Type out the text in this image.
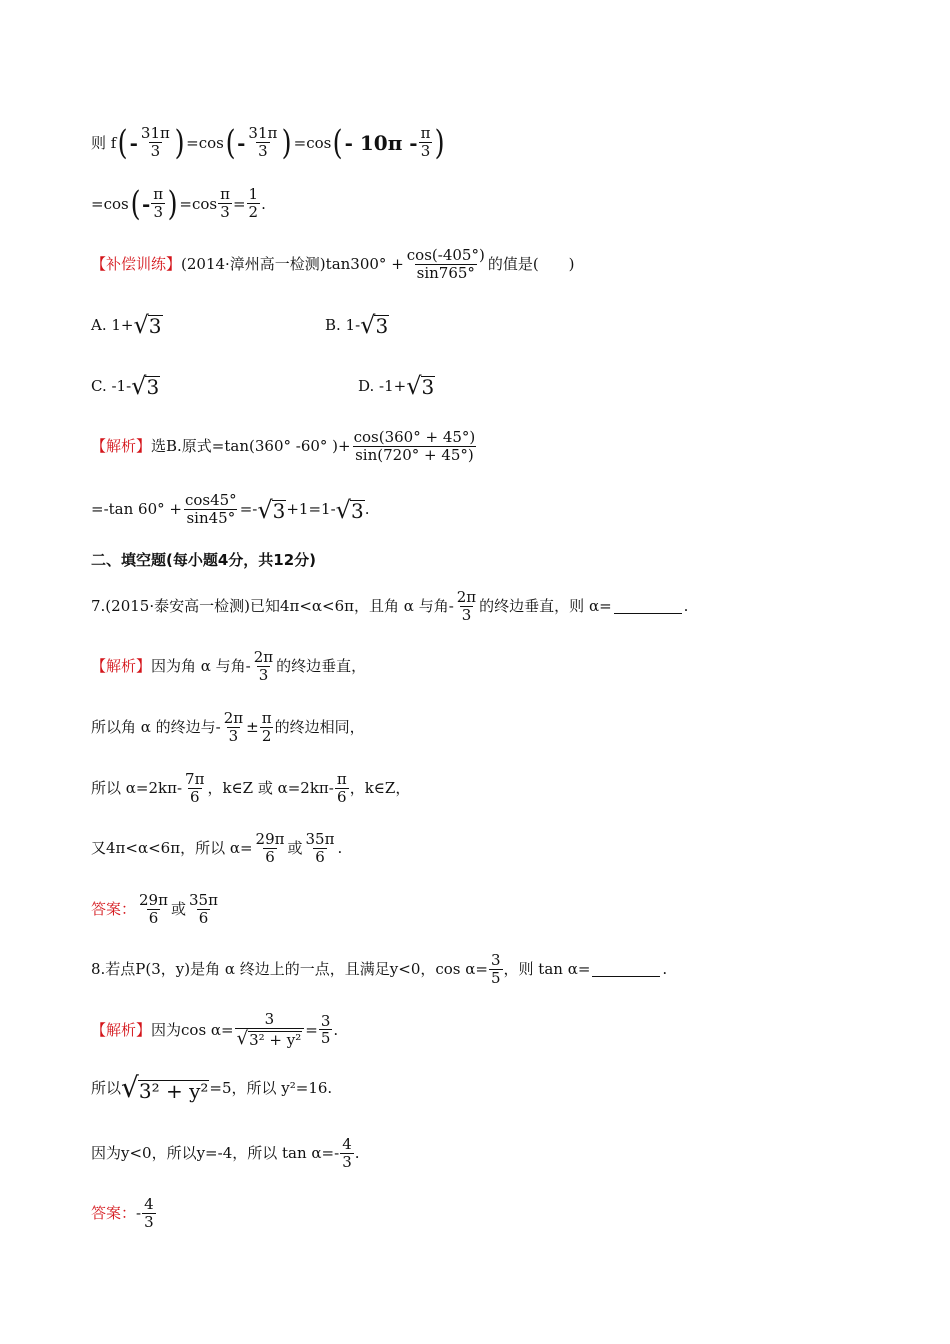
则 f ( - $\frac{31\pi}{3}$ ) =cos ( - $\frac{31\pi}{3}$ ) =cos ( - $10\pi - \frac{\pi}{3}$ )
=cos ( - $\frac{\pi}{3}$ ) $=\cos \frac{\pi}{3} = \frac{1}{2}$ .
【补偿训练】 (2014·漳州高一检测)$\tan 300^\circ + \frac{\cos(-405^\circ)}{\sin 765^\circ}$ 的值是(　　)
A. 1+ √ 3	B. 1- √ 3
C. -1- √ 3	D. -1+ √ 3
【解析】 选B.原式=tan(360° -60° )+ $\frac{\cos(360^\circ + 45^\circ)}{\sin(720^\circ + 45^\circ)}$
=-tan $60^\circ + \frac{\cos 45^\circ}{\sin 45^\circ}$ =- √ 3 +1=1- √ 3 .
二、填空题(每小题4分，共12分)
7.(2015·泰安高一检测)已知4π<α<6π，且角 α 与角- $\frac{2\pi}{3}$ 的终边垂直，则 α=	.
【解析】 因为角 α 与角- $\frac{2\pi}{3}$ 的终边垂直，
所以角 α 的终边与- $\frac{2\pi}{3} \pm \frac{\pi}{2}$ 的终边相同，
所以 $\alpha=2k\pi- \frac{7\pi}{6}$ ，k∈Z 或 $\alpha=2k\pi- \frac{\pi}{6}$ ，k∈Z，
又4π<α<6π，所以 $\alpha= \frac{29\pi}{6}$ 或 $\frac{35\pi}{6}$ .
答案： $\frac{29\pi}{6}$ 或 $\frac{35\pi}{6}$
8.若点P(3，y)是角 α 终边上的一点，且满足y<0，$\cos \alpha= \frac{3}{5}$ ，则 tan α=	.
【解析】 因为$\cos \alpha= \frac{3}{\text{√ 3² + y²}} = \frac{3}{5}$ .
所以 √ 3² + y² =5，所以 y²=16.
因为y<0，所以y=-4，所以 $\tan \alpha=- \frac{4}{3}$ .
答案： - $\frac{4}{3}$
